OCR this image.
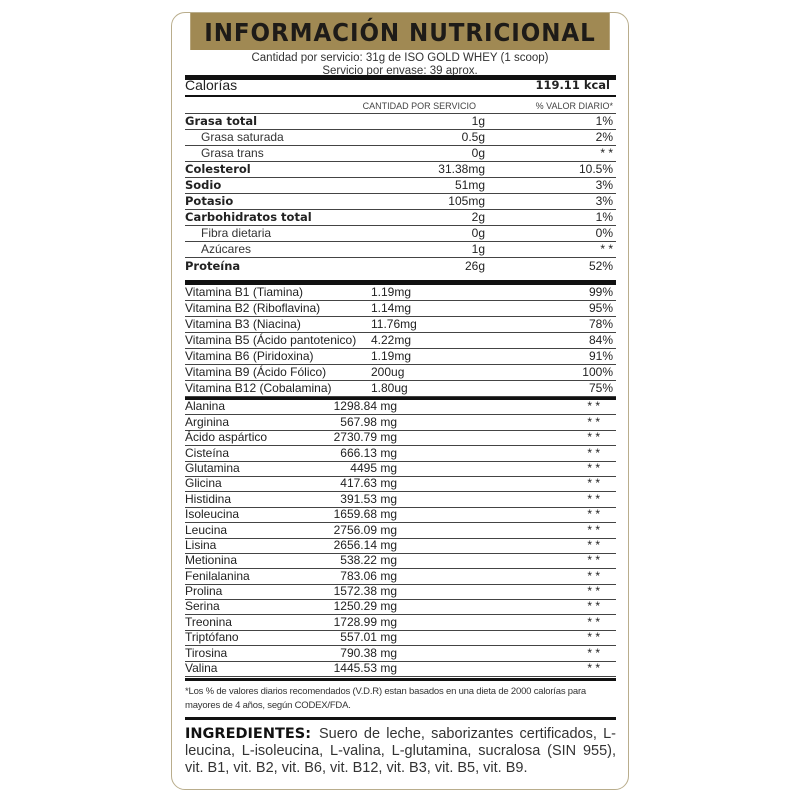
INFORMACIÓN NUTRICIONAL
Cantidad por servicio: 31g de ISO GOLD WHEY (1 scoop)
Servicio por envase: 39 aprox.
Calorías	119.11 kcal
CANTIDAD POR SERVICIO	% VALOR DIARIO*
Grasa total	1g	1%
Grasa saturada	0.5g	2%
Grasa trans	0g	* *
Colesterol	31.38mg	10.5%
Sodio	51mg	3%
Potasio	105mg	3%
Carbohidratos total	2g	1%
Fibra dietaria	0g	0%
Azúcares	1g	* *
Proteína	26g	52%
Vitamina B1 (Tiamina)	1.19mg	99%
Vitamina B2 (Riboflavina)	1.14mg	95%
Vitamina B3 (Niacina)	11.76mg	78%
Vitamina B5 (Ácido pantotenico)	4.22mg	84%
Vitamina B6 (Piridoxina)	1.19mg	91%
Vitamina B9 (Ácido Fólico)	200ug	100%
Vitamina B12 (Cobalamina)	1.80ug	75%
Alanina	1298.84 mg	* *
Arginina	567.98 mg	* *
Ácido aspártico	2730.79 mg	* *
Cisteína	666.13 mg	* *
Glutamina	4495 mg	* *
Glicina	417.63 mg	* *
Histidina	391.53 mg	* *
Isoleucina	1659.68 mg	* *
Leucina	2756.09 mg	* *
Lisina	2656.14 mg	* *
Metionina	538.22 mg	* *
Fenilalanina	783.06 mg	* *
Prolina	1572.38 mg	* *
Serina	1250.29 mg	* *
Treonina	1728.99 mg	* *
Triptófano	557.01 mg	* *
Tirosina	790.38 mg	* *
Valina	1445.53 mg	* *
*Los % de valores diarios recomendados (V.D.R) estan basados en una dieta de 2000 calorías para mayores de 4 años, según CODEX/FDA.
INGREDIENTES: Suero de leche, saborizantes certificados, L-leucina, L-isoleucina, L-valina, L-glutamina, sucralosa (SIN 955), vit. B1, vit. B2, vit. B6, vit. B12, vit. B3, vit. B5, vit. B9.
